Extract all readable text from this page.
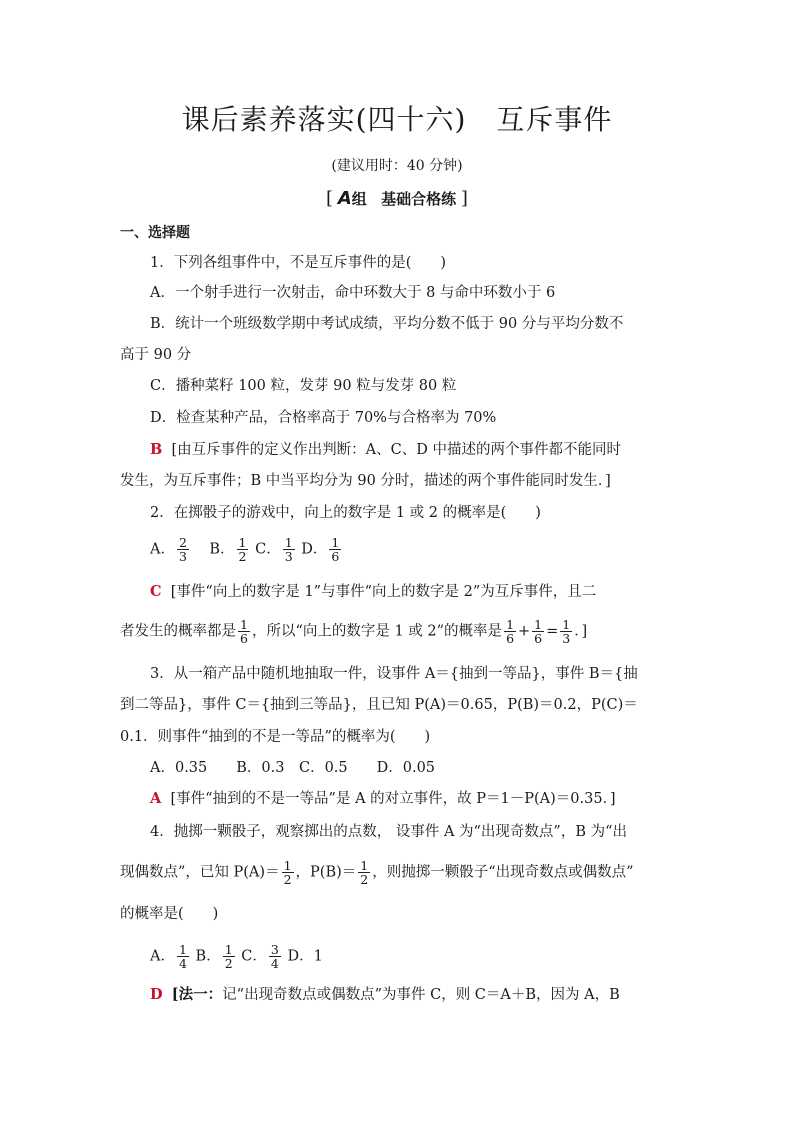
课后素养落实(四十六) 互斥事件
(建议用时：40 分钟)
[ A组 基础合格练 ]
一、选择题
1．下列各组事件中，不是互斥事件的是(　　)
A．一个射手进行一次射击，命中环数大于 8 与命中环数小于 6
B．统计一个班级数学期中考试成绩，平均分数不低于 90 分与平均分数不
高于 90 分
C．播种菜籽 100 粒，发芽 90 粒与发芽 80 粒
D．检查某种产品，合格率高于 70%与合格率为 70%
B [由互斥事件的定义作出判断：A、C、D 中描述的两个事件都不能同时
发生，为互斥事件；B 中当平均分为 90 分时，描述的两个事件能同时发生．]
2．在掷骰子的游戏中，向上的数字是 1 或 2 的概率是(　　)
A． $\frac{2}{3}$ B． $\frac{1}{2}$ C． $\frac{1}{3}$ D． $\frac{1}{6}$
C [事件“向上的数字是 1”与事件“向上的数字是 2”为互斥事件，且二
者发生的概率都是 $\frac{1}{6}$ ，所以“向上的数字是 1 或 2”的概率是 $\frac{1}{6} + \frac{1}{6} = \frac{1}{3}$ ．]
3．从一箱产品中随机地抽取一件，设事件 A＝{抽到一等品}，事件 B＝{抽
到二等品}，事件 C＝{抽到三等品}，且已知 P(A)＝0.65，P(B)＝0.2，P(C)＝
0.1．则事件“抽到的不是一等品”的概率为(　　)
A．0.35　　B．0.3　C．0.5　　D．0.05
A [事件“抽到的不是一等品”是 A 的对立事件，故 P＝1－P(A)＝0.35．]
4．抛掷一颗骰子，观察掷出的点数， 设事件 A 为“出现奇数点”，B 为“出
现偶数点”，已知 $P(A)= \frac{1}{2}$ ，$P(B)= \frac{1}{2}$ ，则抛掷一颗骰子“出现奇数点或偶数点”
的概率是(　　)
A． $\frac{1}{4}$ B． $\frac{1}{2}$ C． $\frac{3}{4}$ D．1
D [法一：记“出现奇数点或偶数点”为事件 C，则 C＝A＋B，因为 A，B
